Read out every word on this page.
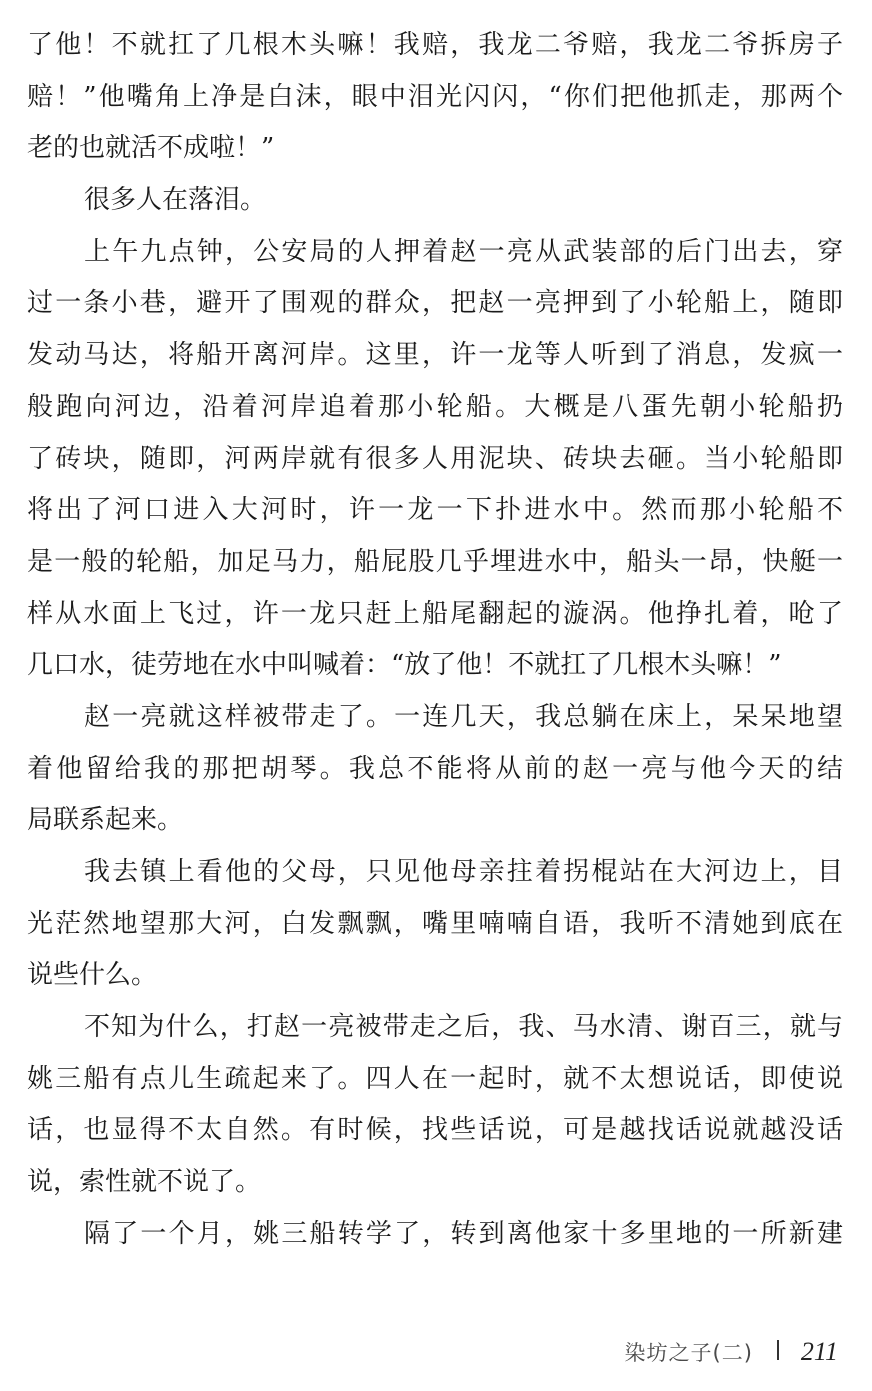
了他！不就扛了几根木头嘛！我赔，我龙二爷赔，我龙二爷拆房子
赔！”他嘴角上净是白沫，眼中泪光闪闪，“你们把他抓走，那两个
老的也就活不成啦！”
很多人在落泪。
上午九点钟，公安局的人押着赵一亮从武装部的后门出去，穿
过一条小巷，避开了围观的群众，把赵一亮押到了小轮船上，随即
发动马达，将船开离河岸。这里，许一龙等人听到了消息，发疯一
般跑向河边，沿着河岸追着那小轮船。大概是八蛋先朝小轮船扔
了砖块，随即，河两岸就有很多人用泥块、砖块去砸。当小轮船即
将出了河口进入大河时，许一龙一下扑进水中。然而那小轮船不
是一般的轮船，加足马力，船屁股几乎埋进水中，船头一昂，快艇一
样从水面上飞过，许一龙只赶上船尾翻起的漩涡。他挣扎着，呛了
几口水，徒劳地在水中叫喊着：“放了他！不就扛了几根木头嘛！”
赵一亮就这样被带走了。一连几天，我总躺在床上，呆呆地望
着他留给我的那把胡琴。我总不能将从前的赵一亮与他今天的结
局联系起来。
我去镇上看他的父母，只见他母亲拄着拐棍站在大河边上，目
光茫然地望那大河，白发飘飘，嘴里喃喃自语，我听不清她到底在
说些什么。
不知为什么，打赵一亮被带走之后，我、马水清、谢百三，就与
姚三船有点儿生疏起来了。四人在一起时，就不太想说话，即使说
话，也显得不太自然。有时候，找些话说，可是越找话说就越没话
说，索性就不说了。
隔了一个月，姚三船转学了，转到离他家十多里地的一所新建
染坊之子(二) 211
